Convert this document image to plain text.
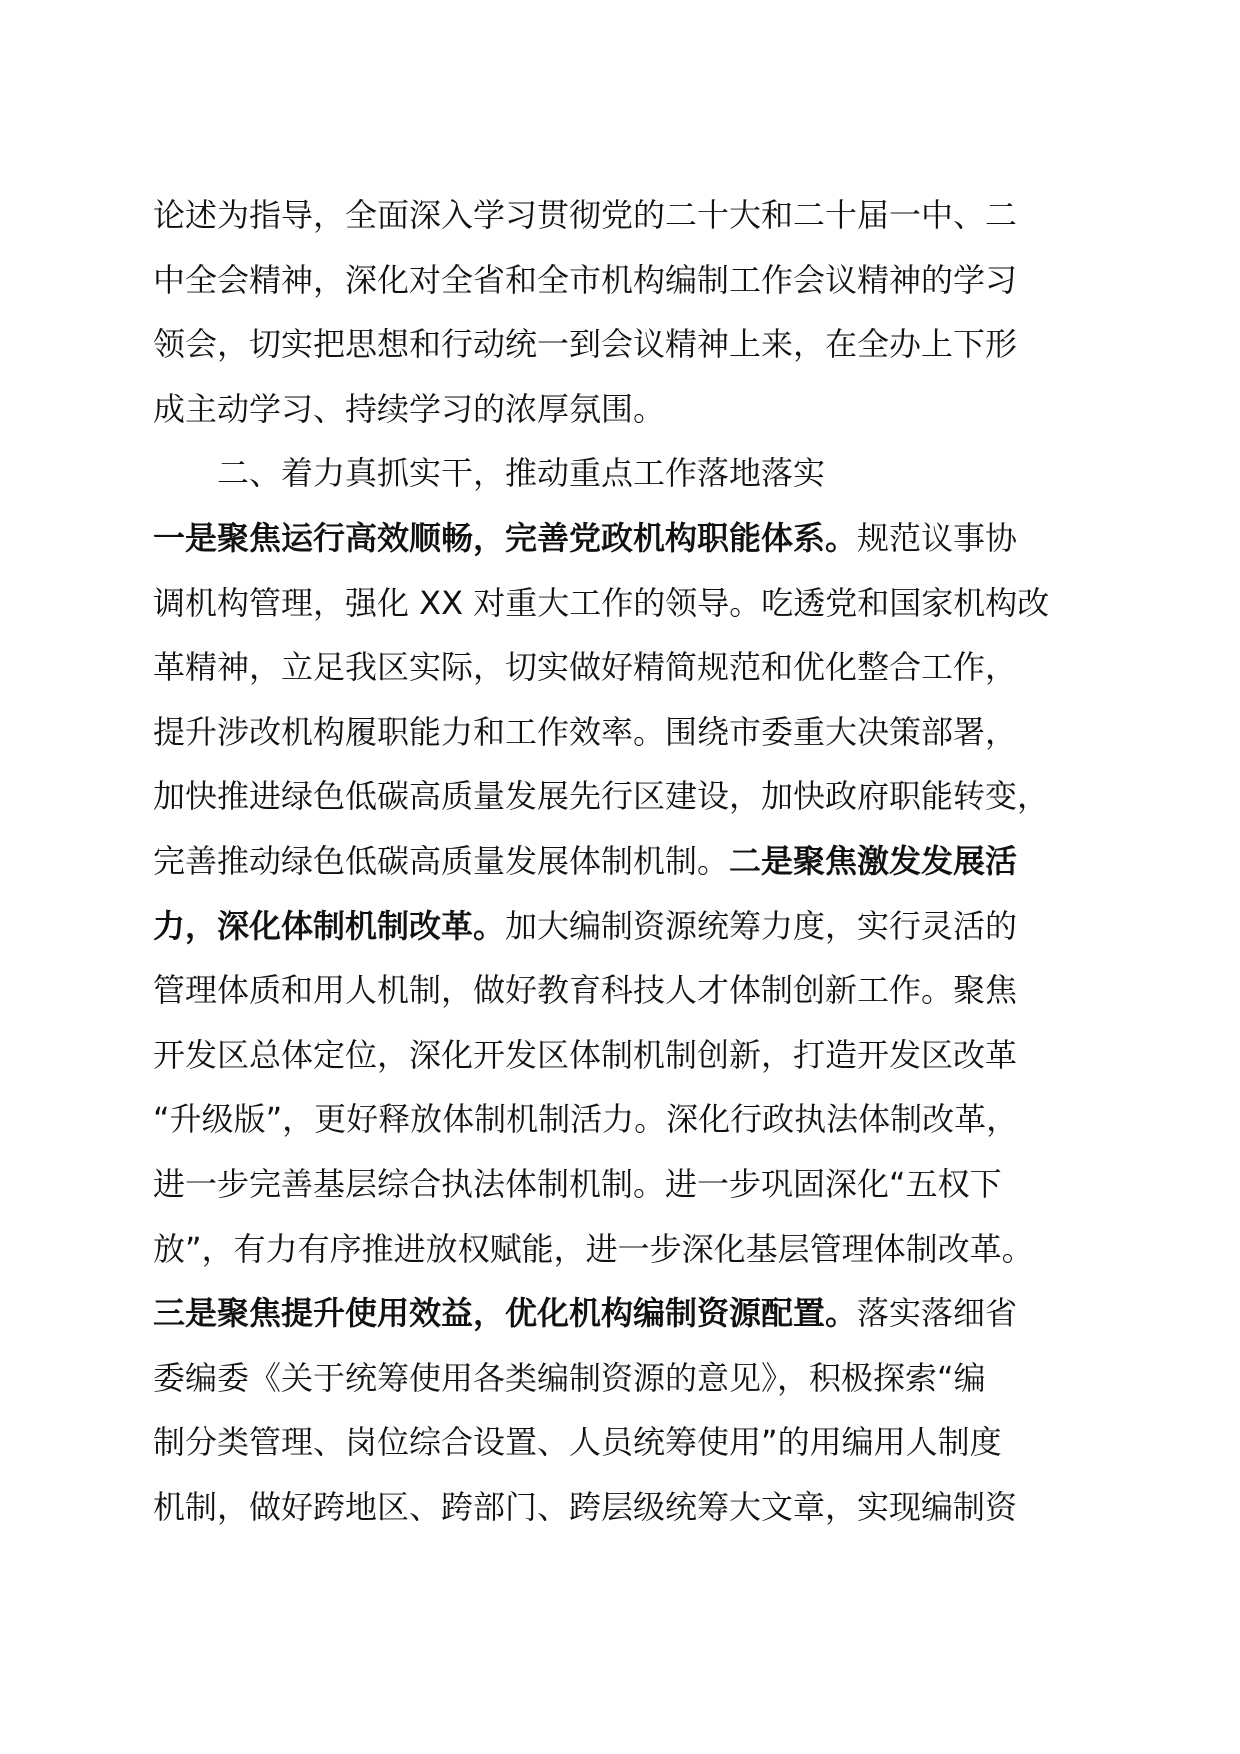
论述为指导，全面深入学习贯彻党的二十大和二十届一中、二
中全会精神，深化对全省和全市机构编制工作会议精神的学习
领会，切实把思想和行动统一到会议精神上来，在全办上下形
成主动学习、持续学习的浓厚氛围。
二、着力真抓实干，推动重点工作落地落实
一是聚焦运行高效顺畅，完善党政机构职能体系。规范议事协
调机构管理，强化 XX 对重大工作的领导。吃透党和国家机构改
革精神，立足我区实际，切实做好精简规范和优化整合工作，
提升涉改机构履职能力和工作效率。围绕市委重大决策部署，
加快推进绿色低碳高质量发展先行区建设，加快政府职能转变，
完善推动绿色低碳高质量发展体制机制。二是聚焦激发发展活
力，深化体制机制改革。加大编制资源统筹力度，实行灵活的
管理体质和用人机制，做好教育科技人才体制创新工作。聚焦
开发区总体定位，深化开发区体制机制创新，打造开发区改革
“升级版”，更好释放体制机制活力。深化行政执法体制改革，
进一步完善基层综合执法体制机制。进一步巩固深化“五权下
放”，有力有序推进放权赋能，进一步深化基层管理体制改革。
三是聚焦提升使用效益，优化机构编制资源配置。落实落细省
委编委《关于统筹使用各类编制资源的意见》，积极探索“编
制分类管理、岗位综合设置、人员统筹使用”的用编用人制度
机制，做好跨地区、跨部门、跨层级统筹大文章，实现编制资
